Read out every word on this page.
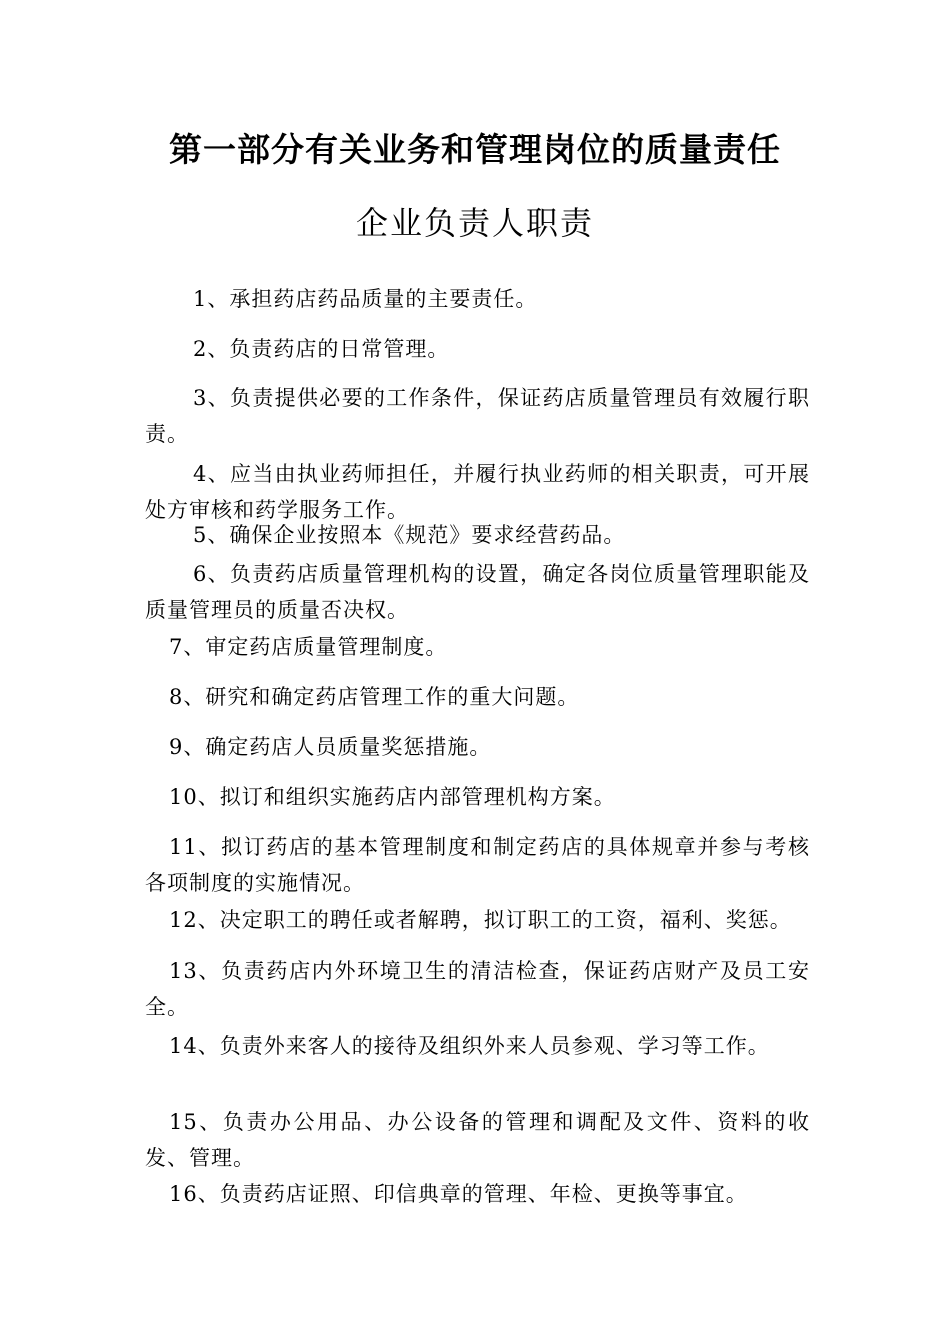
第一部分有关业务和管理岗位的质量责任
企业负责人职责
1、承担药店药品质量的主要责任。
2、负责药店的日常管理。
3、负责提供必要的工作条件，保证药店质量管理员有效履行职责。
4、应当由执业药师担任，并履行执业药师的相关职责，可开展处方审核和药学服务工作。
5、确保企业按照本《规范》要求经营药品。
6、负责药店质量管理机构的设置，确定各岗位质量管理职能及质量管理员的质量否决权。
7、审定药店质量管理制度。
8、研究和确定药店管理工作的重大问题。
9、确定药店人员质量奖惩措施。
10、拟订和组织实施药店内部管理机构方案。
11、拟订药店的基本管理制度和制定药店的具体规章并参与考核各项制度的实施情况。
12、决定职工的聘任或者解聘，拟订职工的工资，福利、奖惩。
13、负责药店内外环境卫生的清洁检查，保证药店财产及员工安全。
14、负责外来客人的接待及组织外来人员参观、学习等工作。
15、负责办公用品、办公设备的管理和调配及文件、资料的收发、管理。
16、负责药店证照、印信典章的管理、年检、更换等事宜。
